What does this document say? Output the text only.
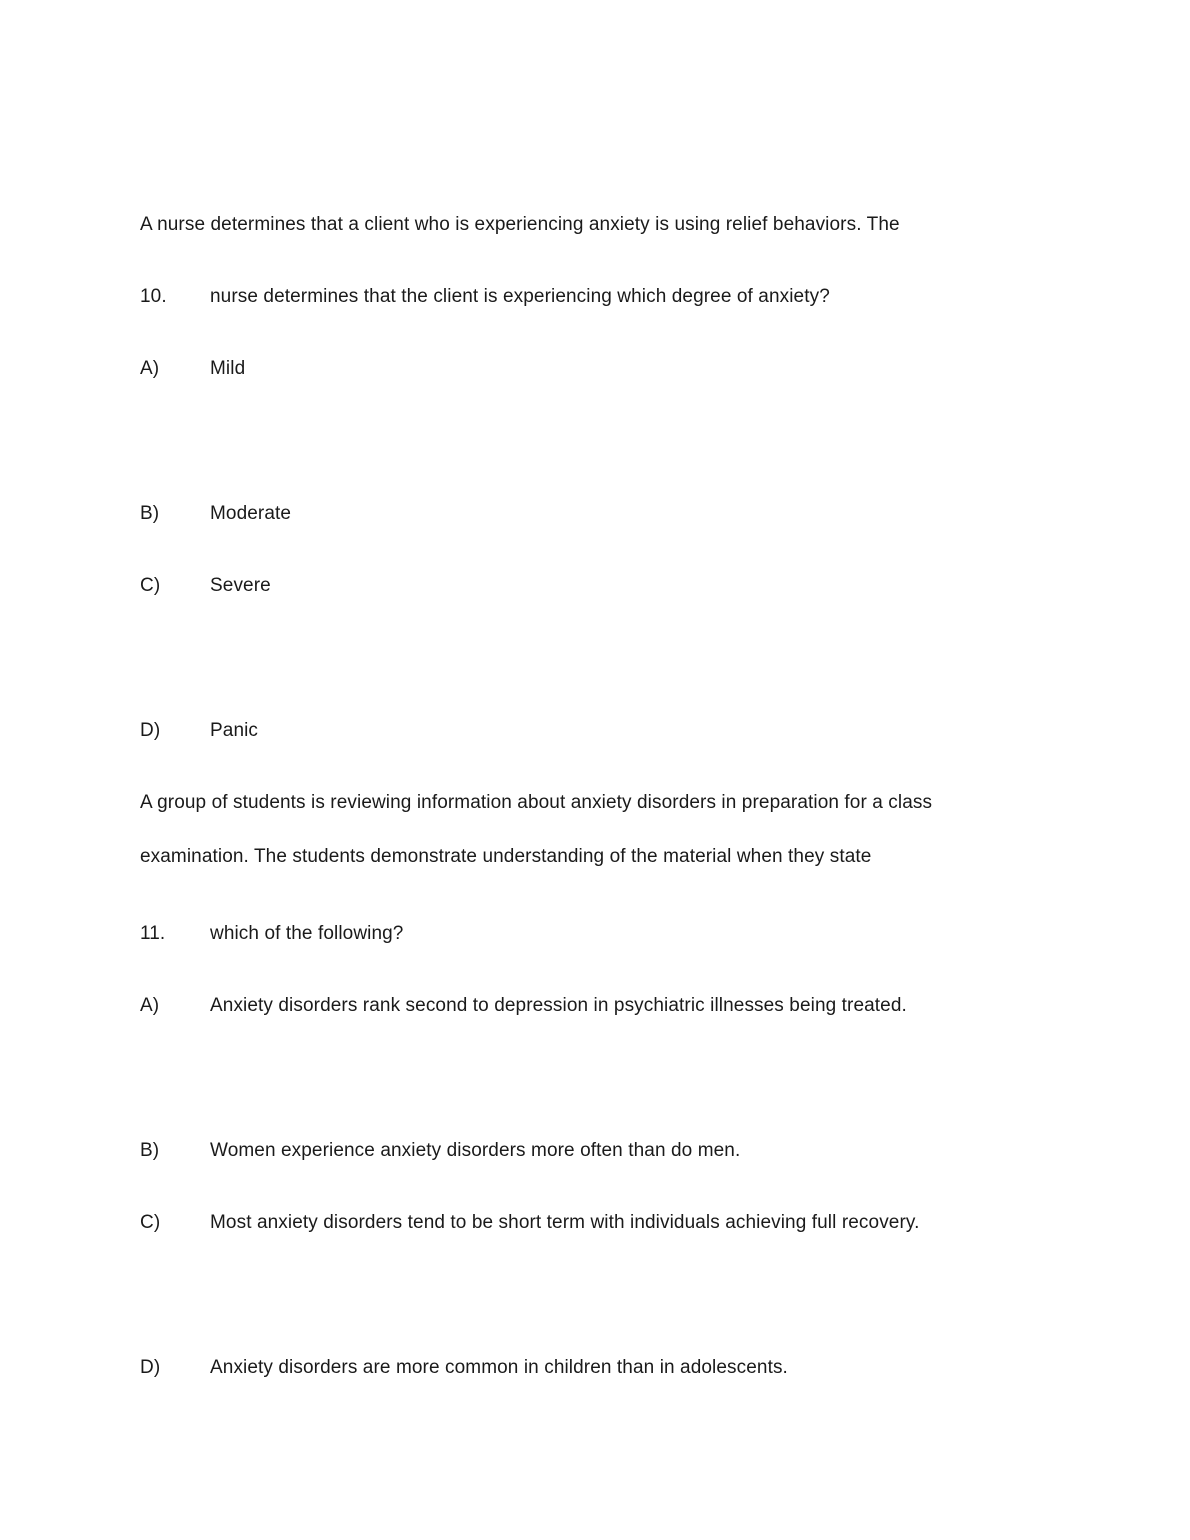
A nurse determines that a client who is experiencing anxiety is using relief behaviors. The
10.	nurse determines that the client is experiencing which degree of anxiety?
A)	Mild
B)	Moderate
C)	Severe
D)	Panic
A group of students is reviewing information about anxiety disorders in preparation for a class
examination. The students demonstrate understanding of the material when they state
11.	which of the following?
A)	Anxiety disorders rank second to depression in psychiatric illnesses being treated.
B)	Women experience anxiety disorders more often than do men.
C)	Most anxiety disorders tend to be short term with individuals achieving full recovery.
D)	Anxiety disorders are more common in children than in adolescents.
